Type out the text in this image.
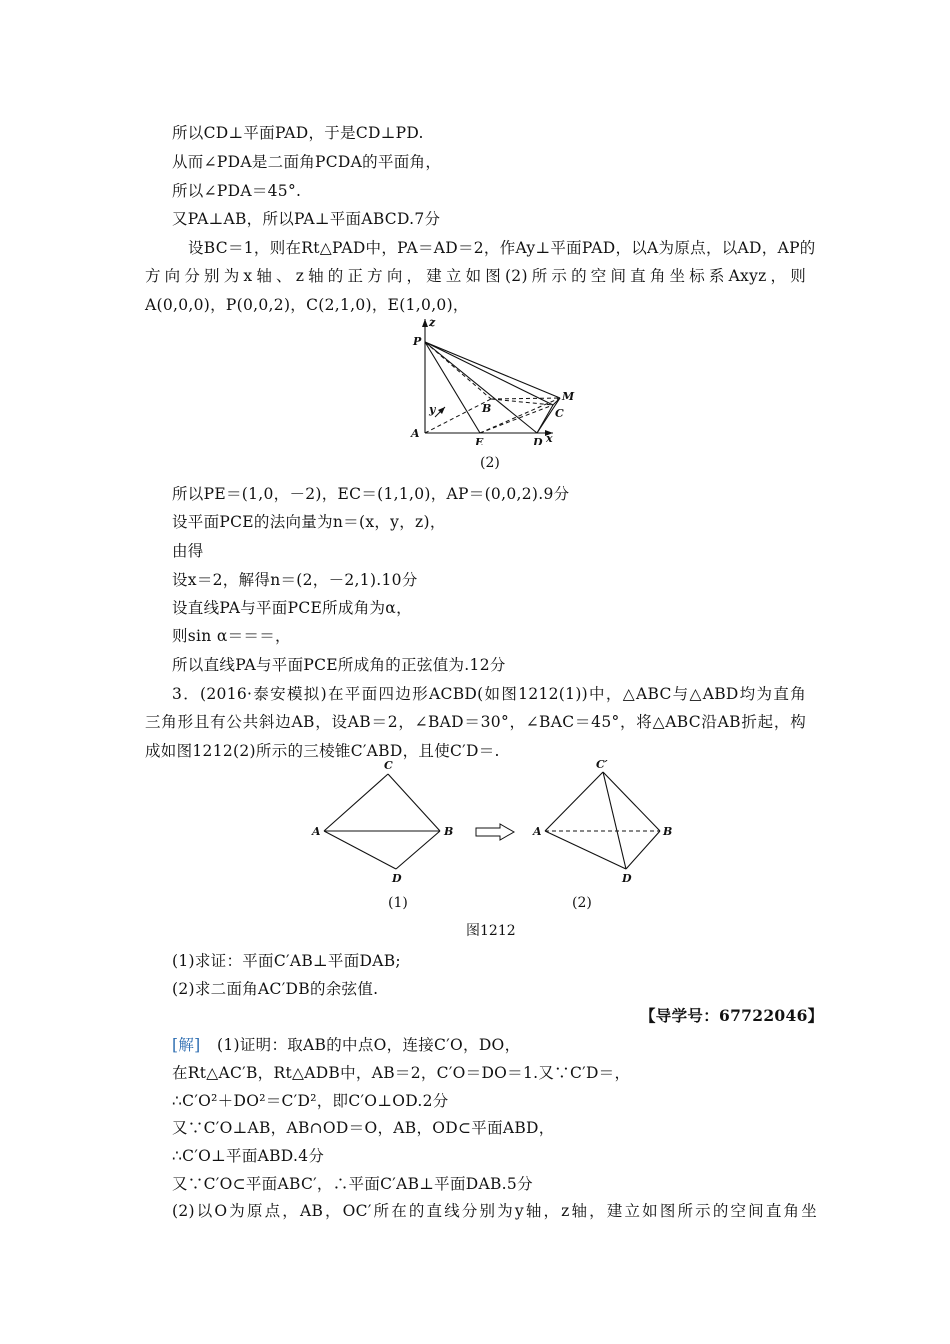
所以CD⊥平面PAD，于是CD⊥PD.
从而∠PDA是二面角PCDA的平面角，
所以∠PDA＝45°.
又PA⊥AB，所以PA⊥平面ABCD.7分
设BC＝1，则在Rt△PAD中，PA＝AD＝2，作Ay⊥平面PAD，以A为原点，以AD，AP的
方向分别为x轴、z轴的正方向，建立如图(2)所示的空间直角坐标系Axyz，则
A(0,0,0)，P(0,0,2)，C(2,1,0)，E(1,0,0)，
z
P
M
B	C
y
A
E	D x
(2)
所以PE＝(1,0，－2)，EC＝(1,1,0)，AP＝(0,0,2).9分
设平面PCE的法向量为n＝(x，y，z)，
由得
设x＝2，解得n＝(2，－2,1).10分
设直线PA与平面PCE所成角为α，
则sin α＝＝＝，
所以直线PA与平面PCE所成角的正弦值为.12分
3．(2016·泰安模拟)在平面四边形ACBD(如图1212(1))中，△ABC与△ABD均为直角
三角形且有公共斜边AB，设AB＝2，∠BAD＝30°，∠BAC＝45°，将△ABC沿AB折起，构
成如图1212(2)所示的三棱锥C′ABD，且使C′D＝.
C
A	B
D
C′
A	B
D
(1)	(2)
图1212
(1)求证：平面C′AB⊥平面DAB;
(2)求二面角AC′DB的余弦值.
【导学号：67722046】
[解] (1)证明：取AB的中点O，连接C′O，DO，
在Rt△AC′B，Rt△ADB中，AB＝2，C′O＝DO＝1.又∵C′D＝，
∴C′O²＋DO²＝C′D²，即C′O⊥OD.2分
又∵C′O⊥AB，AB∩OD＝O，AB，OD⊂平面ABD，
∴C′O⊥平面ABD.4分
又∵C′O⊂平面ABC′，∴平面C′AB⊥平面DAB.5分
(2)以O为原点，AB，OC′所在的直线分别为y轴，z轴，建立如图所示的空间直角坐
